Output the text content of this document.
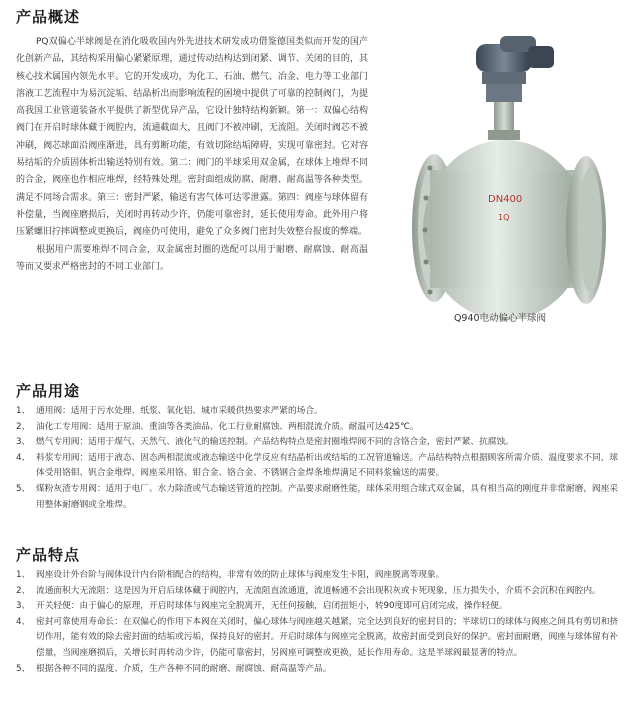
产品概述
PQ双偏心半球阀是在消化吸收国内外先进技术研发成功借鉴德国类似而开发的国产化创新产品，其结构采用偏心紧紧原理，通过传动结构达到闭紧、调节、关闭的目的，其核心技术属国内领先水平。它的开发成功，为化工、石油、燃气、冶金、电力等工业部门溶液工艺流程中为易沉淀垢、结晶析出而影响流程的困境中提供了可靠的控制阀门，为提高我国工业管道装备水平提供了新型优异产品，它设计独特结构新颖。第一：双偏心结构阀门在开启时球体藏于阀腔内，流通截面大，且阀门不被冲刷，无流阻。关闭时阀芯不被冲刷，阀芯球面沿阀座渐进，具有剪断功能，有效切除结垢障碍，实现可靠密封。它对容易结垢的介质固体析出输送特别有效。第二：阀门的半球采用双金属，在球体上堆焊不同的合金，阀座也作相应堆焊，经特殊处理。密封面组成防腐、耐磨、耐高温等各种类型。满足不同场合需求。第三：密封严紧，输送有害气体可达零泄露。第四：阀座与球体留有补偿量，当阀座磨损后，关闭时再转动少许，仍能可靠密封，延长使用寿命。此外用户将压紧螺旧拧摔调整或更换后，阀座仍可使用，避免了众多阀门密封失效整台报废的弊端。
根据用户需要堆焊不同合金，双金属密封圈的选配可以用于耐磨、耐腐蚀、耐高温等而又要求严格密封的不同工业部门。
DN400
1Q

Q940电动偏心半球阀

产品用途
1、 通用阀：适用于污水处理、纸浆、氧化铝、城市采暖供热要求严紧的场合。
2、 油化工专用阀：适用于原油、重油等各类油品、化工行业耐腐蚀、两相混流介质。耐温可达425℃。
3、 燃气专用阀：适用于煤气、天然气、液化气的输送控制。产品结构特点是密封圈堆焊阀不同的含铬合金，密封严紧、抗腐蚀。
4、 料浆专用阀：适用于液态、固态两相混流或液态输送中化学反应有结晶析出或结垢的工况管道输送。产品结构特点根据顾客所需介质、温度要求不同，球体受用铬钼、钒合金堆焊，阀座采用铬、钼合金、铬合金、不锈钢合金焊条堆焊满足不同料浆输送的需要。
5、 煤粉灰渣专用阀：适用于电厂、水力除渣或气态输送管道的控制。产品要求耐磨性能，球体采用组合球式双金属，具有相当高的刚度并非常耐磨，阀座采用整体耐磨钢或全堆焊。
产品特点
1、 阀座设计外台阶与阀体设计内台阶相配合的结构，非常有效的防止球体与阀座发生卡阻，阀座脱离等现象。
2、 流通面积大无流阻：这是因为开启后球体藏于阀腔内，无流阻直流通道，流道畅通不会出现积灰或卡死现象，压力损失小，介质不会沉积在阀腔内。
3、 开关轻便：由于偏心的原理，开启时球体与阀座完全脱离开，无任何接触，启闭扭矩小，转90度即可启闭完成，操作轻便。
4、 密封可靠使用寿命长：在双偏心的作用下本阀在关闭时，偏心球体与阀座越关越紧，完全达到良好的密封目的；半球切口的球体与阀座之间具有剪切和挤切作用，能有效的除去密封面的结垢或污垢，保持良好的密封。开启时球体与阀座完全脱离，故密封面受到良好的保护。密封面耐磨，阀座与球体留有补偿量，当阀座磨损后，关增长时再转动少许，仍能可靠密封，另阀座可调整或更换，延长作用寿命。这是半球阀最显著的特点。
5、 根据各种不同的温度、介质，生产各种不同的耐磨、耐腐蚀、耐高温等产品。
